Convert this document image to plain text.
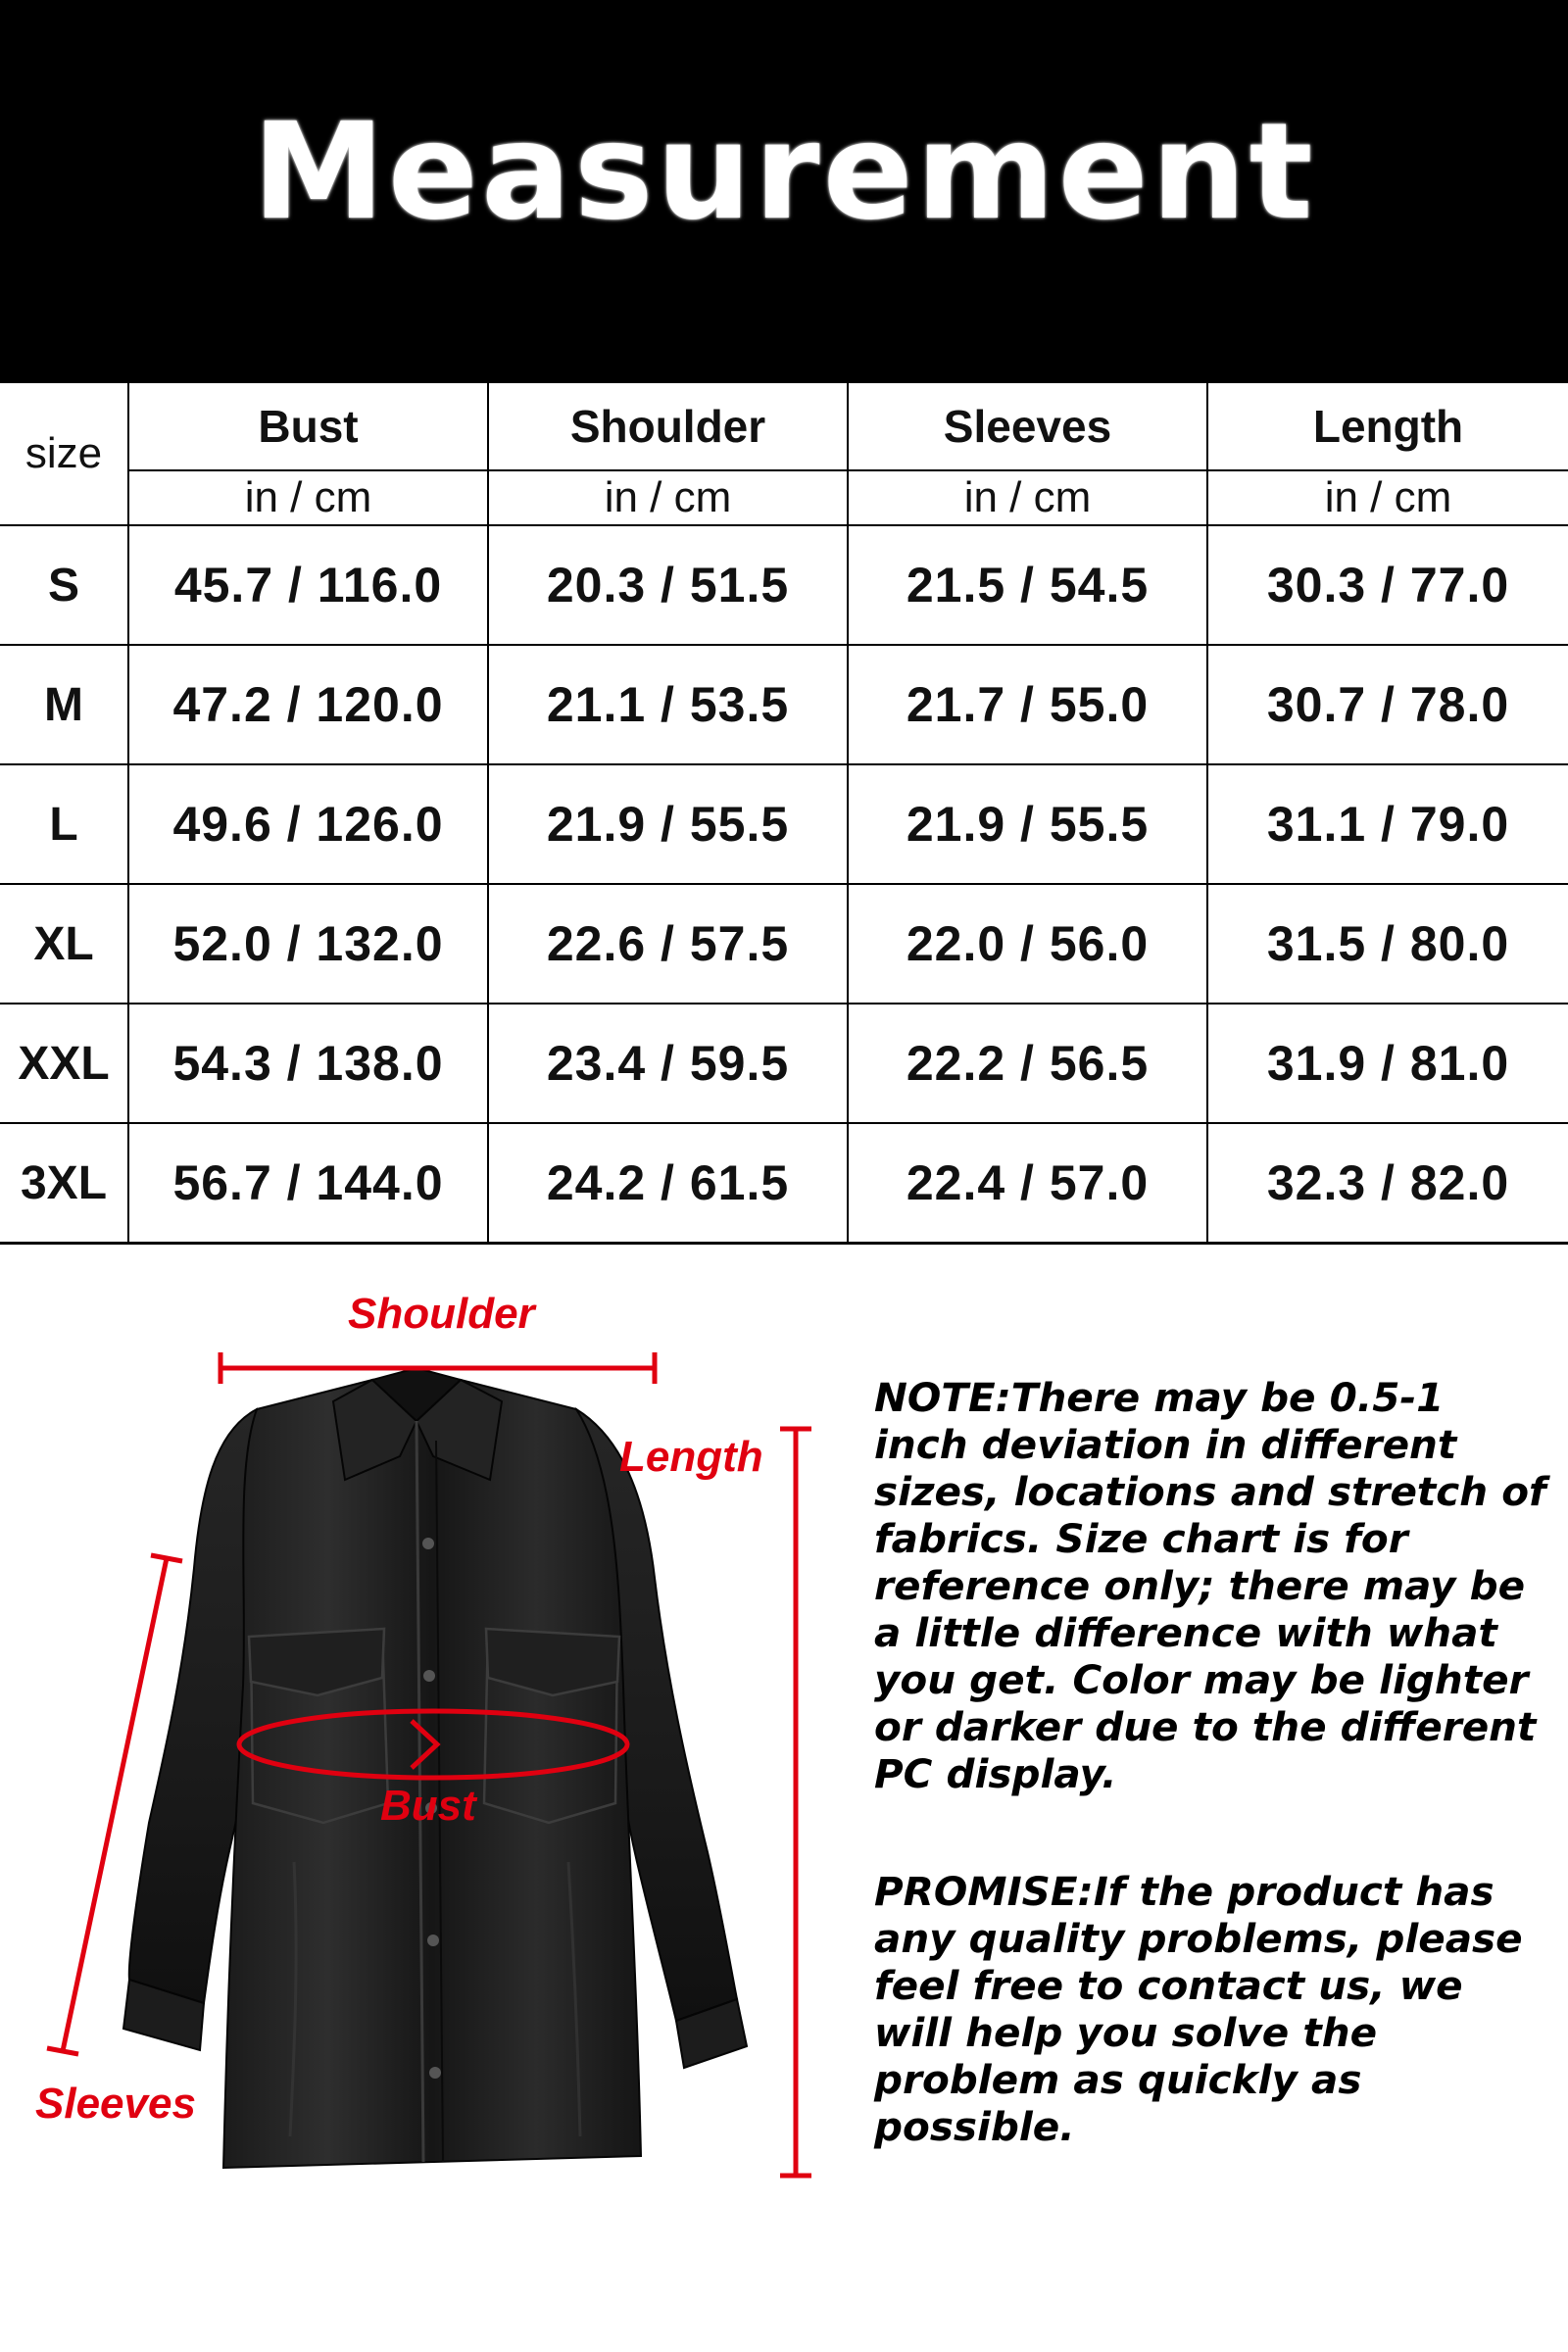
Measurement
size	Bust	Shoulder	Sleeves	Length
	in / cm	in / cm	in / cm	in / cm
S	45.7 / 116.0	20.3 / 51.5	21.5 / 54.5	30.3 / 77.0
M	47.2 / 120.0	21.1 / 53.5	21.7 / 55.0	30.7 / 78.0
L	49.6 / 126.0	21.9 / 55.5	21.9 / 55.5	31.1 / 79.0
XL	52.0 / 132.0	22.6 / 57.5	22.0 / 56.0	31.5 / 80.0
XXL	54.3 / 138.0	23.4 / 59.5	22.2 / 56.5	31.9 / 81.0
3XL	56.7 / 144.0	24.2 / 61.5	22.4 / 57.0	32.3 / 82.0
Shoulder
Length
Bust
Sleeves

NOTE:There may be 0.5-1 inch deviation in different sizes, locations and stretch of fabrics. Size chart is for reference only; there may be a little difference with what you get. Color may be lighter or darker due to the different PC display.

PROMISE:If the product has any quality problems, please feel free to contact us, we will help you solve the problem as quickly as possible.
